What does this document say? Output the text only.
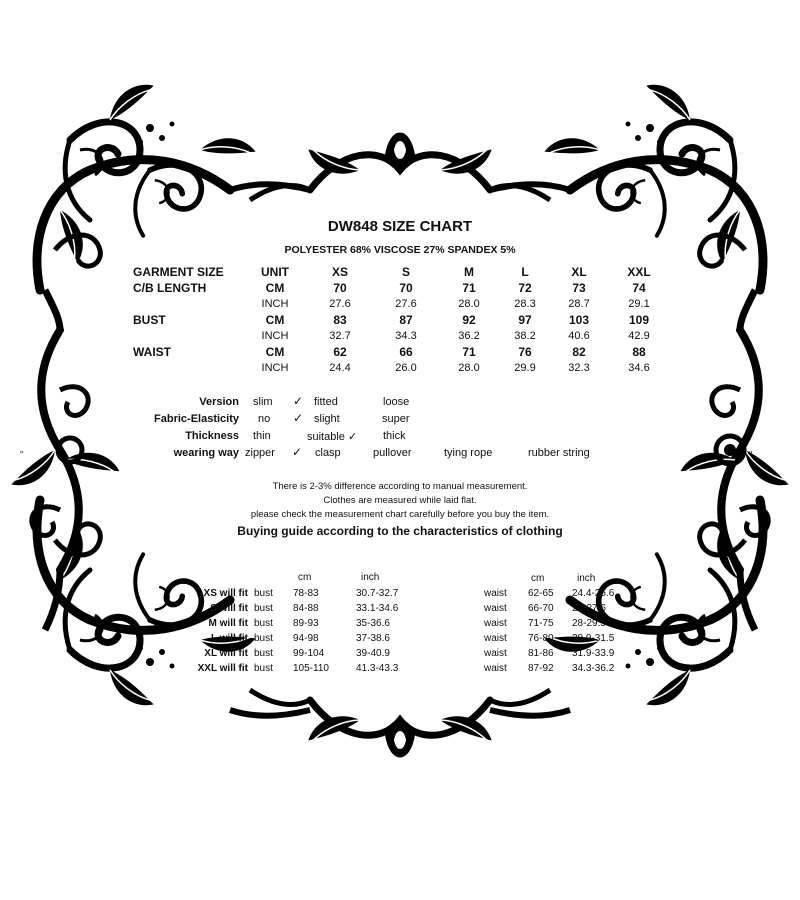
DW848 SIZE CHART
POLYESTER 68% VISCOSE 27% SPANDEX 5%
GARMENT SIZE	UNIT	XS	S	M	L	XL	XXL
C/B LENGTH	CM	70	70	71	72	73	74
INCH	27.6	27.6	28.0	28.3	28.7	29.1
BUST	CM	83	87	92	97	103	109
INCH	32.7	34.3	36.2	38.2	40.6	42.9
WAIST	CM	62	66	71	76	82	88
INCH	24.4	26.0	28.0	29.9	32.3	34.6
Version slim ✓ fitted	loose
Fabric-Elasticity no ✓ slight	super
Thickness thin	suitable ✓ thick
wearing way zipper ✓ clasp	pullover	tying rope	rubber string
"	"
There is 2-3% difference according to manual measurement.
Clothes are measured while laid flat.
please check the measurement chart carefully before you buy the item.
Buying guide according to the characteristics of clothing
cm	inch	cm	inch
XS will fit bust 78-83	30.7-32.7	waist 62-65 24.4-25.6
S will fit bust 84-88	33.1-34.6	waist 66-70 26-27.6
M will fit bust 89-93	35-36.6	waist 71-75 28-29.5
L will fit bust 94-98	37-38.6	waist 76-80 29.9-31.5
XL will fit bust 99-104	39-40.9	waist 81-86 31.9-33.9
XXL will fit bust 105-110	41.3-43.3	waist 87-92 34.3-36.2
